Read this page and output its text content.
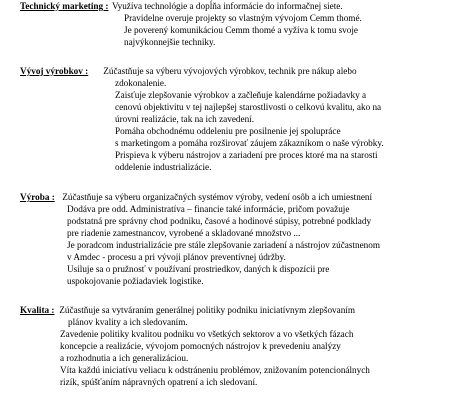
Technický marketing : Využíva technológie a dopĺňa informácie do informačnej siete.
Pravidelne overuje projekty so vlastným vývojom Cemm thomé.
Je poverený komunikáciou Cemm thomé a vyžíva k tomu svoje
najvýkonnejšie techniky.
Vývoj výrobkov : Zúčastňuje sa výberu vývojových výrobkov, technik pre nákup alebo
zdokonalenie.
Zaisťuje zlepšovanie výrobkov a začleňuje kalendárne požiadavky a
cenovú objektivitu v tej najlepšej starostlivosti o celkovú kvalitu, ako na
úrovni realizácie, tak na ich zavedení.
Pomáha obchodnému oddeleniu pre posilnenie jej spolupráce
s marketingom a pomáha rozširovať záujem zákazníkom o naše výrobky.
Prispieva k výberu nástrojov a zariadení pre proces ktoré ma na starosti
oddelenie industrializácie.
Výroba : Zúčastňuje sa výberu organizačných systémov výroby, vedení osôb a ich umiestnení
Dodáva pre odd. Administratíva – financie také informácie, pričom považuje
podstatná pre správny chod podniku, časové a hodinové súpisy, potrebné podklady
pre riadenie zamestnancov, vyrobené a skladované množstvo ...
Je poradcom industrializácie pre stále zlepšovanie zariadení a nástrojov zúčastnenom
v Amdec - procesu a pri vývoji plánov preventívnej údržby.
Usiluje sa o pružnosť v používaní prostriedkov, daných k dispozícii pre
uspokojovanie požiadaviek logistike.
Kvalita : Zúčastňuje sa vytváraním generálnej politiky podniku iniciatívnym zlepšovaním
plánov kvality a ich sledovaním.
Zavedenie politiky kvalitou podniku vo všetkých sektorov a vo všetkých fázach
koncepcie a realizácie, vývojom pomocných nástrojov k prevedeniu analýzy
a rozhodnutia a ich generalizáciou.
Víta každú iniciatívu veliacu k odstráneniu problémov, znižovaním potencionálnych
rizík, spúšťaním nápravných opatrení a ich sledovaní.
